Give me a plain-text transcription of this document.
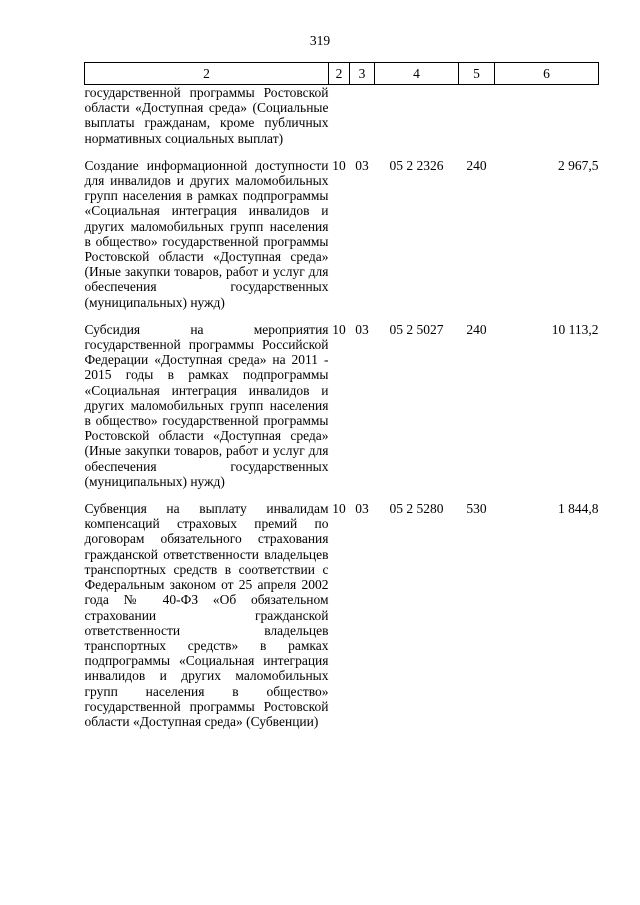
319
2	2	3	4	5	6
государственной программы Ростовской области «Доступная среда» (Социальные выплаты гражданам, кроме публичных нормативных социальных выплат)					
Создание информационной доступности для инвалидов и других маломобильных групп населения в рамках подпрограммы «Социальная интеграция инвалидов и других маломобильных групп населения в общество» государственной программы Ростовской области «Доступная среда» (Иные закупки товаров, работ и услуг для обеспечения государственных (муниципальных) нужд)	10	03	05 2 2326	240	2 967,5
Субсидия на мероприятия государственной программы Российской Федерации «Доступная среда» на 2011 - 2015 годы в рамках подпрограммы «Социальная интеграция инвалидов и других маломобильных групп населения в общество» государственной программы Ростовской области «Доступная среда» (Иные закупки товаров, работ и услуг для обеспечения государственных (муниципальных) нужд)	10	03	05 2 5027	240	10 113,2
Субвенция на выплату инвалидам компенсаций страховых премий по договорам обязательного страхования гражданской ответственности владельцев транспортных средств в соответствии с Федеральным законом от 25 апреля 2002 года № 40-ФЗ «Об обязательном страховании гражданской ответственности владельцев транспортных средств» в рамках подпрограммы «Социальная интеграция инвалидов и других маломобильных групп населения в общество» государственной программы Ростовской области «Доступная среда» (Субвенции)	10	03	05 2 5280	530	1 844,8
